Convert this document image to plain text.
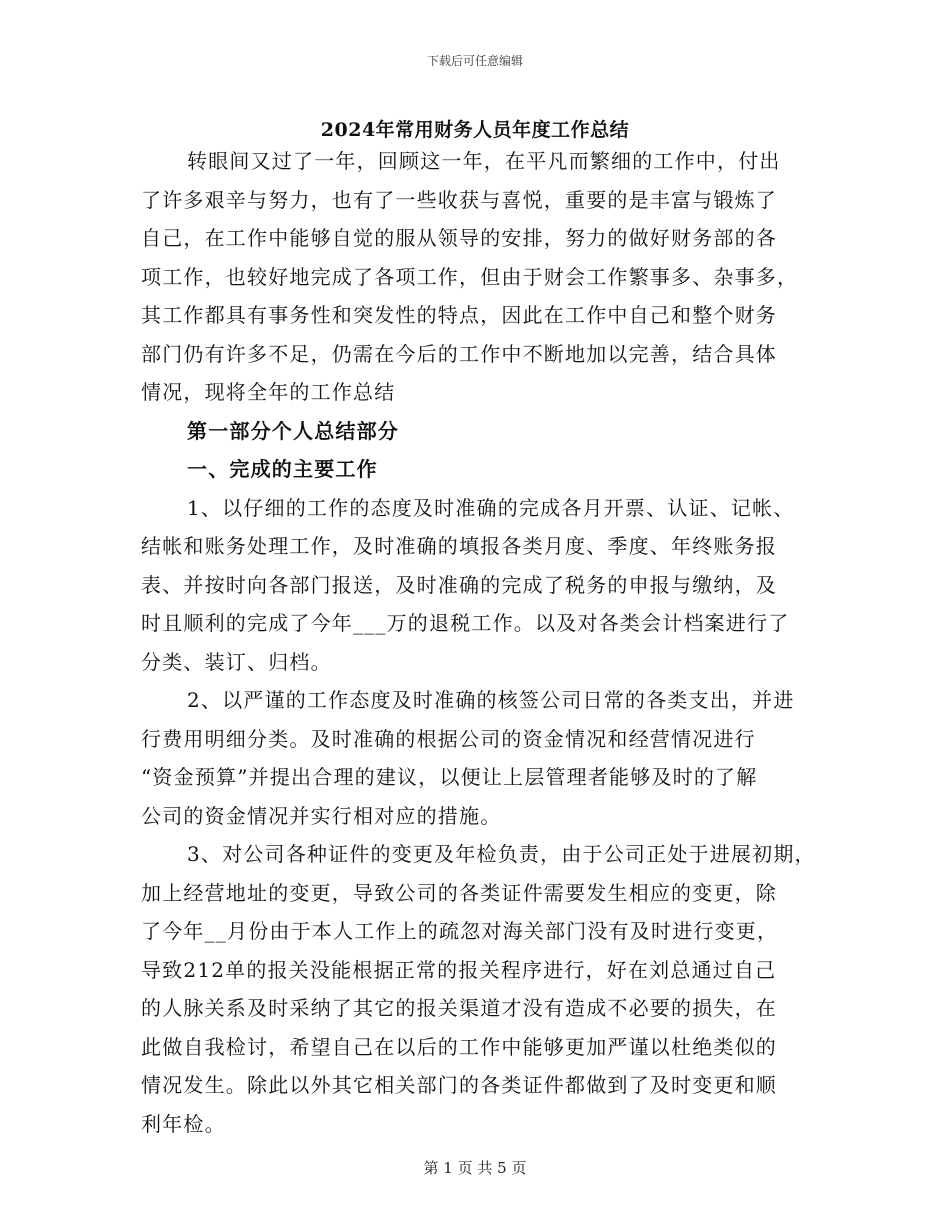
下载后可任意编辑
2024年常用财务人员年度工作总结
转眼间又过了一年，回顾这一年，在平凡而繁细的工作中，付出
了许多艰辛与努力，也有了一些收获与喜悦，重要的是丰富与锻炼了
自己，在工作中能够自觉的服从领导的安排，努力的做好财务部的各
项工作，也较好地完成了各项工作，但由于财会工作繁事多、杂事多，
其工作都具有事务性和突发性的特点，因此在工作中自己和整个财务
部门仍有许多不足，仍需在今后的工作中不断地加以完善，结合具体
情况，现将全年的工作总结
第一部分个人总结部分
一、完成的主要工作
1、以仔细的工作的态度及时准确的完成各月开票、认证、记帐、
结帐和账务处理工作，及时准确的填报各类月度、季度、年终账务报
表、并按时向各部门报送，及时准确的完成了税务的申报与缴纳，及
时且顺利的完成了今年___万的退税工作。以及对各类会计档案进行了
分类、装订、归档。
2、以严谨的工作态度及时准确的核签公司日常的各类支出，并进
行费用明细分类。及时准确的根据公司的资金情况和经营情况进行
“资金预算”并提出合理的建议，以便让上层管理者能够及时的了解
公司的资金情况并实行相对应的措施。
3、对公司各种证件的变更及年检负责，由于公司正处于进展初期，
加上经营地址的变更，导致公司的各类证件需要发生相应的变更，除
了今年__月份由于本人工作上的疏忽对海关部门没有及时进行变更，
导致212单的报关没能根据正常的报关程序进行，好在刘总通过自己
的人脉关系及时采纳了其它的报关渠道才没有造成不必要的损失，在
此做自我检讨，希望自己在以后的工作中能够更加严谨以杜绝类似的
情况发生。除此以外其它相关部门的各类证件都做到了及时变更和顺
利年检。
第 1 页 共 5 页
